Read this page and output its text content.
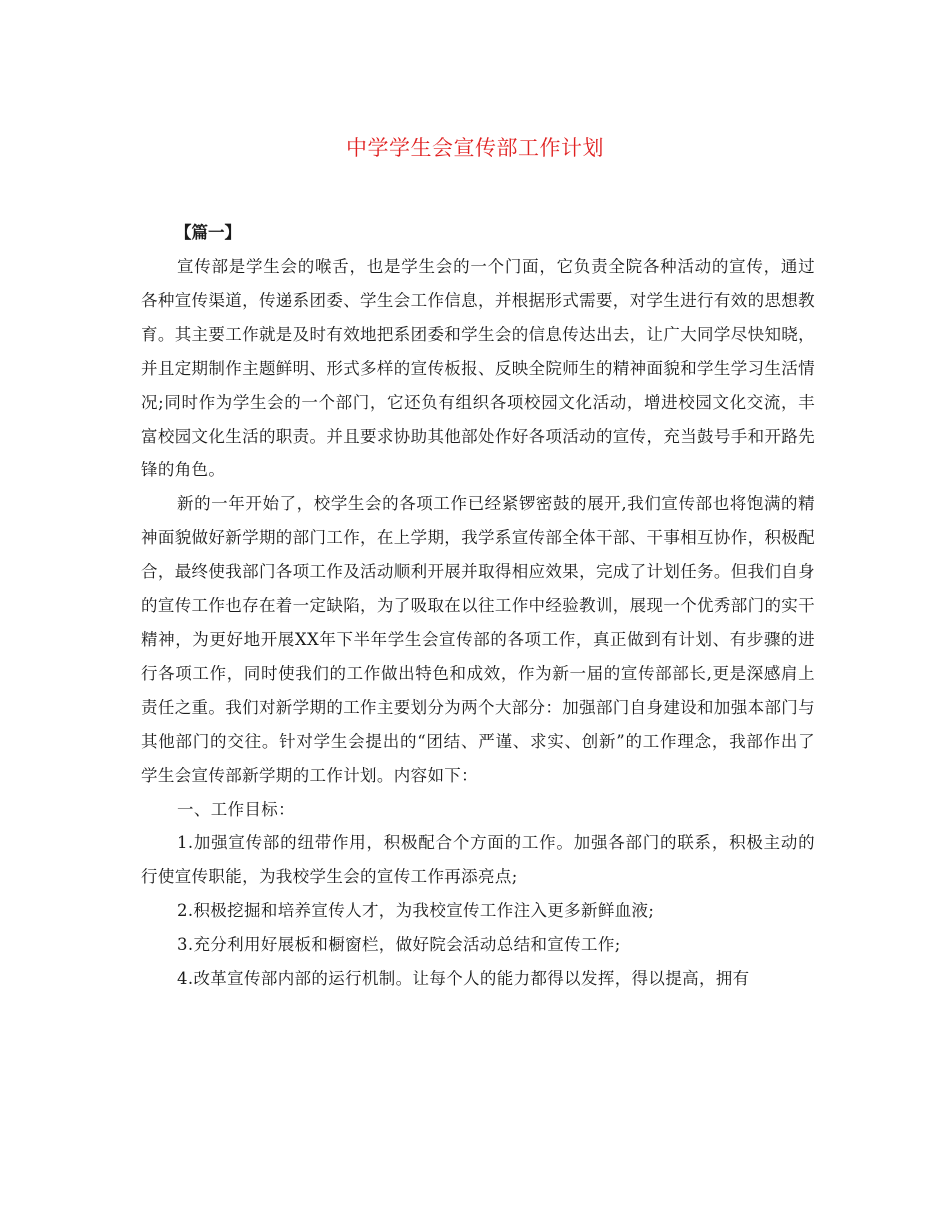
中学学生会宣传部工作计划

【篇一】

宣传部是学生会的喉舌，也是学生会的一个门面，它负责全院各种活动的宣传，通过各种宣传渠道，传递系团委、学生会工作信息，并根据形式需要，对学生进行有效的思想教育。其主要工作就是及时有效地把系团委和学生会的信息传达出去，让广大同学尽快知晓，并且定期制作主题鲜明、形式多样的宣传板报、反映全院师生的精神面貌和学生学习生活情况;同时作为学生会的一个部门，它还负有组织各项校园文化活动，增进校园文化交流，丰富校园文化生活的职责。并且要求协助其他部处作好各项活动的宣传，充当鼓号手和开路先锋的角色。

新的一年开始了，校学生会的各项工作已经紧锣密鼓的展开,我们宣传部也将饱满的精神面貌做好新学期的部门工作，在上学期，我学系宣传部全体干部、干事相互协作，积极配合，最终使我部门各项工作及活动顺利开展并取得相应效果，完成了计划任务。但我们自身的宣传工作也存在着一定缺陷，为了吸取在以往工作中经验教训，展现一个优秀部门的实干精神，为更好地开展XX年下半年学生会宣传部的各项工作，真正做到有计划、有步骤的进行各项工作，同时使我们的工作做出特色和成效，作为新一届的宣传部部长,更是深感肩上责任之重。我们对新学期的工作主要划分为两个大部分：加强部门自身建设和加强本部门与其他部门的交往。针对学生会提出的“团结、严谨、求实、创新”的工作理念，我部作出了学生会宣传部新学期的工作计划。内容如下：

一、工作目标：

1.加强宣传部的纽带作用，积极配合个方面的工作。加强各部门的联系，积极主动的行使宣传职能，为我校学生会的宣传工作再添亮点;

2.积极挖掘和培养宣传人才，为我校宣传工作注入更多新鲜血液;

3.充分利用好展板和橱窗栏，做好院会活动总结和宣传工作;

4.改革宣传部内部的运行机制。让每个人的能力都得以发挥，得以提高，拥有
